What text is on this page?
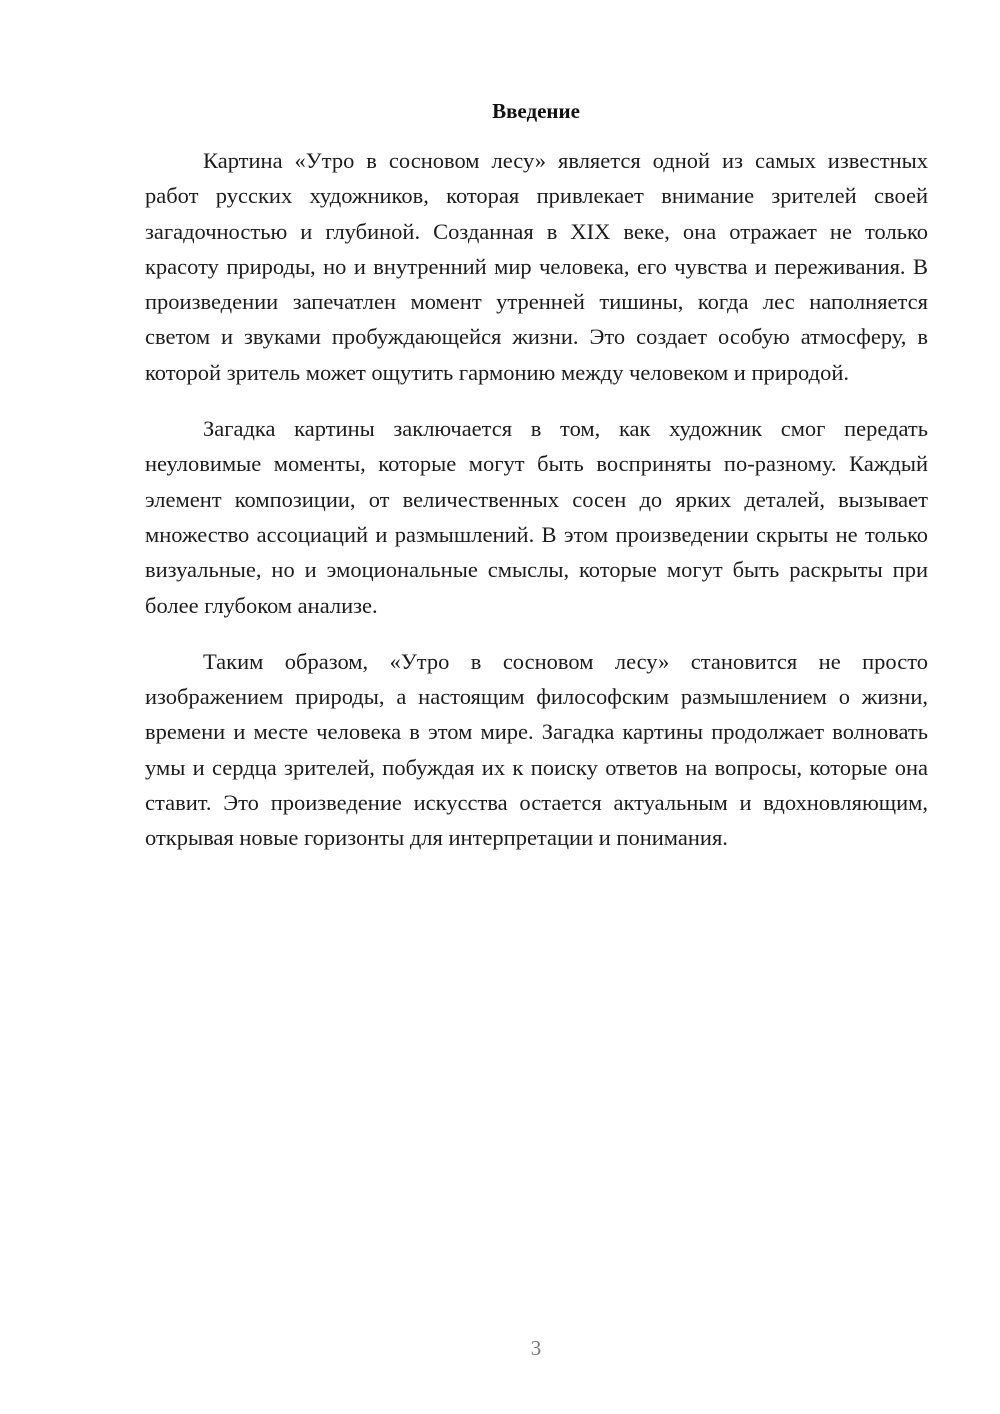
Введение

Картина «Утро в сосновом лесу» является одной из самых известных работ русских художников, которая привлекает внимание зрителей своей загадочностью и глубиной. Созданная в XIX веке, она отражает не только красоту природы, но и внутренний мир человека, его чувства и переживания. В произведении запечатлен момент утренней тишины, когда лес наполняется светом и звуками пробуждающейся жизни. Это создает особую атмосферу, в которой зритель может ощутить гармонию между человеком и природой.

Загадка картины заключается в том, как художник смог передать неуловимые моменты, которые могут быть восприняты по-разному. Каждый элемент композиции, от величественных сосен до ярких деталей, вызывает множество ассоциаций и размышлений. В этом произведении скрыты не только визуальные, но и эмоциональные смыслы, которые могут быть раскрыты при более глубоком анализе.

Таким образом, «Утро в сосновом лесу» становится не просто изображением природы, а настоящим философским размышлением о жизни, времени и месте человека в этом мире. Загадка картины продолжает волновать умы и сердца зрителей, побуждая их к поиску ответов на вопросы, которые она ставит. Это произведение искусства остается актуальным и вдохновляющим, открывая новые горизонты для интерпретации и понимания.

3
